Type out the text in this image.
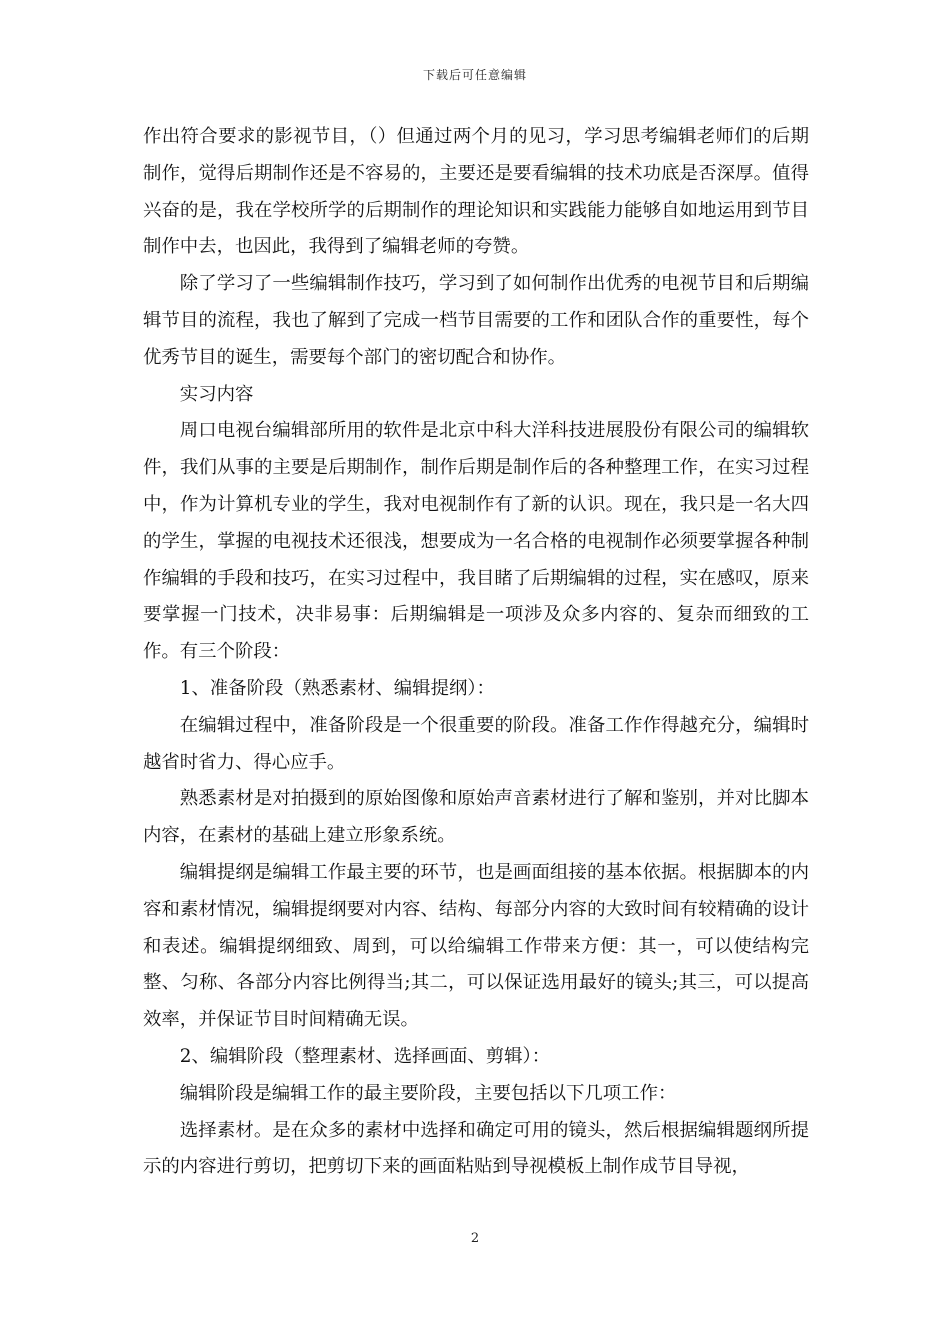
下载后可任意编辑

作出符合要求的影视节目，（）但通过两个月的见习，学习思考编辑老师们的后期制作，觉得后期制作还是不容易的，主要还是要看编辑的技术功底是否深厚。值得兴奋的是，我在学校所学的后期制作的理论知识和实践能力能够自如地运用到节目制作中去，也因此，我得到了编辑老师的夸赞。

除了学习了一些编辑制作技巧，学习到了如何制作出优秀的电视节目和后期编辑节目的流程，我也了解到了完成一档节目需要的工作和团队合作的重要性，每个优秀节目的诞生，需要每个部门的密切配合和协作。

实习内容

周口电视台编辑部所用的软件是北京中科大洋科技进展股份有限公司的编辑软件，我们从事的主要是后期制作，制作后期是制作后的各种整理工作，在实习过程中，作为计算机专业的学生，我对电视制作有了新的认识。现在，我只是一名大四的学生，掌握的电视技术还很浅，想要成为一名合格的电视制作必须要掌握各种制作编辑的手段和技巧，在实习过程中，我目睹了后期编辑的过程，实在感叹，原来要掌握一门技术，决非易事：后期编辑是一项涉及众多内容的、复杂而细致的工作。有三个阶段：

1、准备阶段（熟悉素材、编辑提纲）：

在编辑过程中，准备阶段是一个很重要的阶段。准备工作作得越充分，编辑时越省时省力、得心应手。

熟悉素材是对拍摄到的原始图像和原始声音素材进行了解和鉴别，并对比脚本内容，在素材的基础上建立形象系统。

编辑提纲是编辑工作最主要的环节，也是画面组接的基本依据。根据脚本的内容和素材情况，编辑提纲要对内容、结构、每部分内容的大致时间有较精确的设计和表述。编辑提纲细致、周到，可以给编辑工作带来方便：其一，可以使结构完整、匀称、各部分内容比例得当;其二，可以保证选用最好的镜头;其三，可以提高效率，并保证节目时间精确无误。

2、编辑阶段（整理素材、选择画面、剪辑）：

编辑阶段是编辑工作的最主要阶段，主要包括以下几项工作：

选择素材。是在众多的素材中选择和确定可用的镜头，然后根据编辑题纲所提示的内容进行剪切，把剪切下来的画面粘贴到导视模板上制作成节目导视，

2
